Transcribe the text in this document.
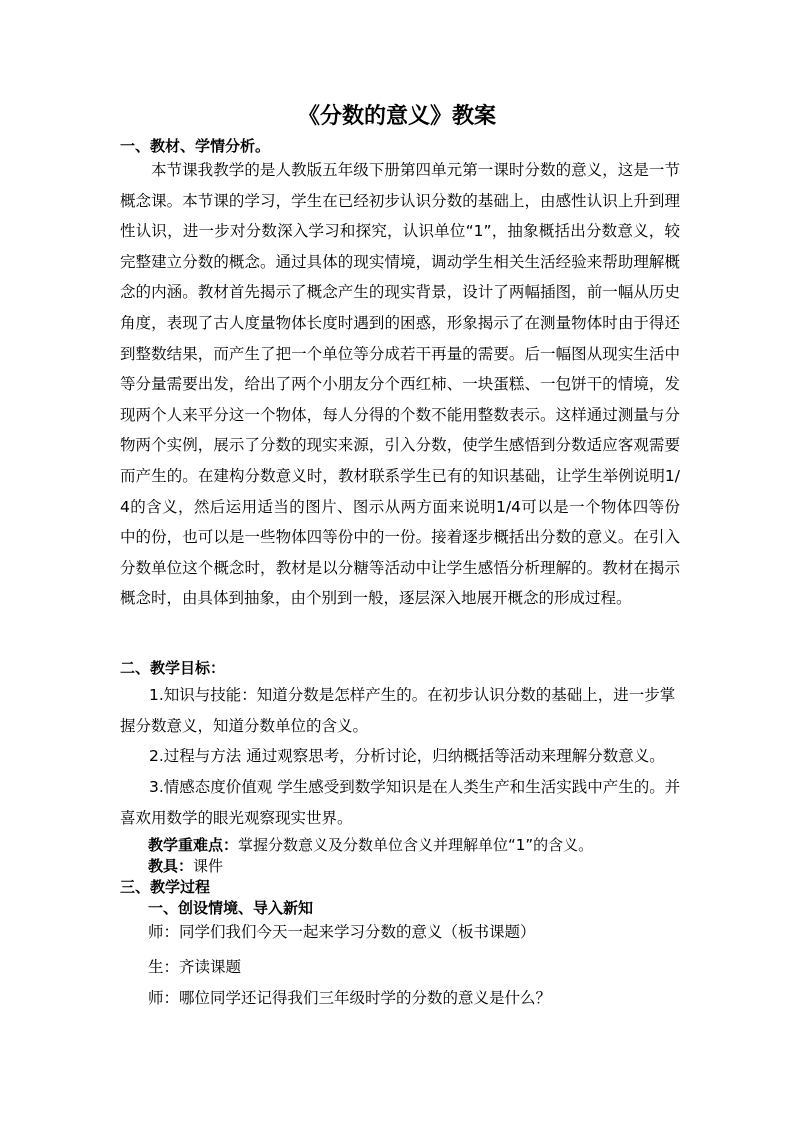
《分数的意义》教案
一、教材、学情分析。
本节课我教学的是人教版五年级下册第四单元第一课时分数的意义，这是一节概念课。本节课的学习，学生在已经初步认识分数的基础上，由感性认识上升到理性认识，进一步对分数深入学习和探究，认识单位“1”，抽象概括出分数意义，较完整建立分数的概念。通过具体的现实情境，调动学生相关生活经验来帮助理解概念的内涵。教材首先揭示了概念产生的现实背景，设计了两幅插图，前一幅从历史角度，表现了古人度量物体长度时遇到的困惑，形象揭示了在测量物体时由于得还到整数结果，而产生了把一个单位等分成若干再量的需要。后一幅图从现实生活中等分量需要出发，给出了两个小朋友分个西红柿、一块蛋糕、一包饼干的情境，发现两个人来平分这一个物体，每人分得的个数不能用整数表示。这样通过测量与分物两个实例，展示了分数的现实来源，引入分数，使学生感悟到分数适应客观需要而产生的。在建构分数意义时，教材联系学生已有的知识基础，让学生举例说明1/4的含义，然后运用适当的图片、图示从两方面来说明1/4可以是一个物体四等份中的份，也可以是一些物体四等份中的一份。接着逐步概括出分数的意义。在引入分数单位这个概念时，教材是以分糖等活动中让学生感悟分析理解的。教材在揭示概念时，由具体到抽象，由个别到一般，逐层深入地展开概念的形成过程。
二、教学目标：
1.知识与技能：知道分数是怎样产生的。在初步认识分数的基础上，进一步掌握分数意义，知道分数单位的含义。
2.过程与方法 通过观察思考，分析讨论，归纳概括等活动来理解分数意义。
3.情感态度价值观 学生感受到数学知识是在人类生产和生活实践中产生的。并喜欢用数学的眼光观察现实世界。
教学重难点：掌握分数意义及分数单位含义并理解单位“1”的含义。
教具：课件
三、教学过程
一、创设情境、导入新知
师：同学们我们今天一起来学习分数的意义（板书课题）
生：齐读课题
师：哪位同学还记得我们三年级时学的分数的意义是什么？
